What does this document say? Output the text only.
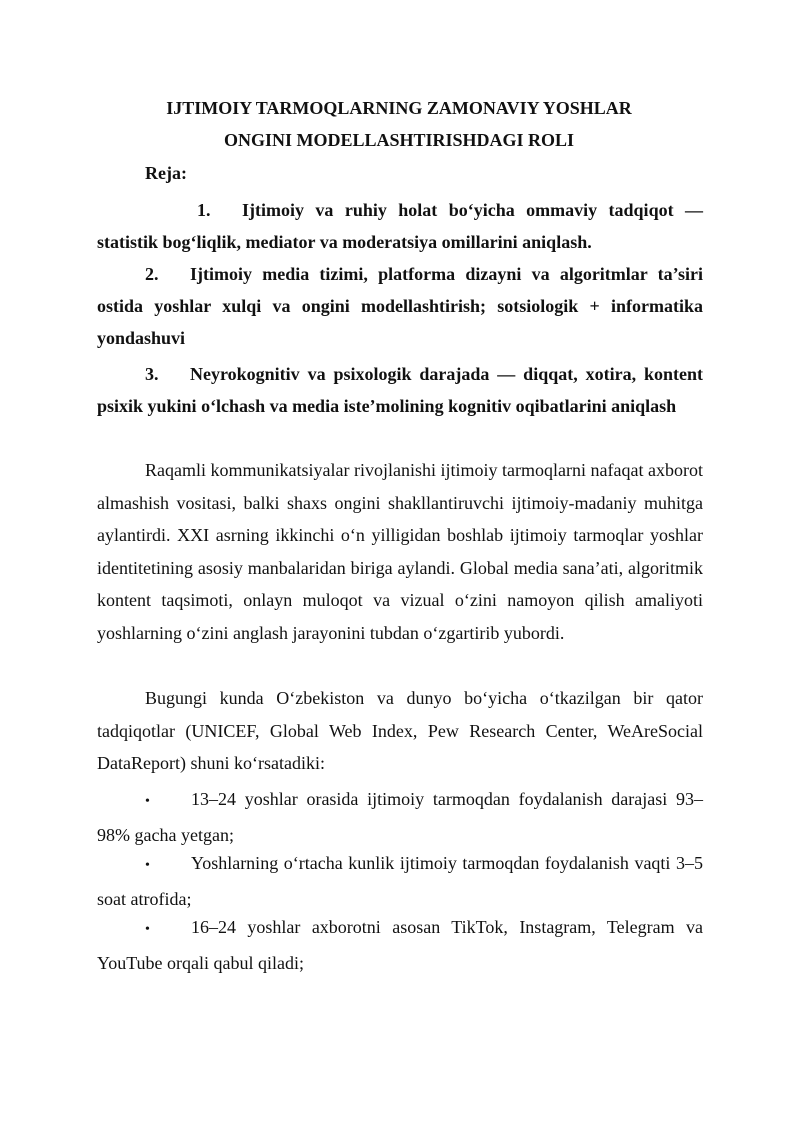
IJTIMOIY TARMOQLARNING ZAMONAVIY YOSHLAR

ONGINI MODELLASHTIRISHDAGI ROLI

Reja:

1. Ijtimoiy va ruhiy holat bo‘yicha ommaviy tadqiqot — statistik bog‘liqlik, mediator va moderatsiya omillarini aniqlash.

2. Ijtimoiy media tizimi, platforma dizayni va algoritmlar ta’siri ostida yoshlar xulqi va ongini modellashtirish; sotsiologik + informatika yondashuvi

3. Neyrokognitiv va psixologik darajada — diqqat, xotira, kontent psixik yukini o‘lchash va media iste’molining kognitiv oqibatlarini aniqlash

Raqamli kommunikatsiyalar rivojlanishi ijtimoiy tarmoqlarni nafaqat axborot almashish vositasi, balki shaxs ongini shakllantiruvchi ijtimoiy-madaniy muhitga aylantirdi. XXI asrning ikkinchi o‘n yilligidan boshlab ijtimoiy tarmoqlar yoshlar identitetining asosiy manbalaridan biriga aylandi. Global media sana’ati, algoritmik kontent taqsimoti, onlayn muloqot va vizual o‘zini namoyon qilish amaliyoti yoshlarning o‘zini anglash jarayonini tubdan o‘zgartirib yubordi.

Bugungi kunda O‘zbekiston va dunyo bo‘yicha o‘tkazilgan bir qator tadqiqotlar (UNICEF, Global Web Index, Pew Research Center, WeAreSocial DataReport) shuni ko‘rsatadiki:

• 13–24 yoshlar orasida ijtimoiy tarmoqdan foydalanish darajasi 93–98% gacha yetgan;

• Yoshlarning o‘rtacha kunlik ijtimoiy tarmoqdan foydalanish vaqti 3–5 soat atrofida;

• 16–24 yoshlar axborotni asosan TikTok, Instagram, Telegram va YouTube orqali qabul qiladi;
